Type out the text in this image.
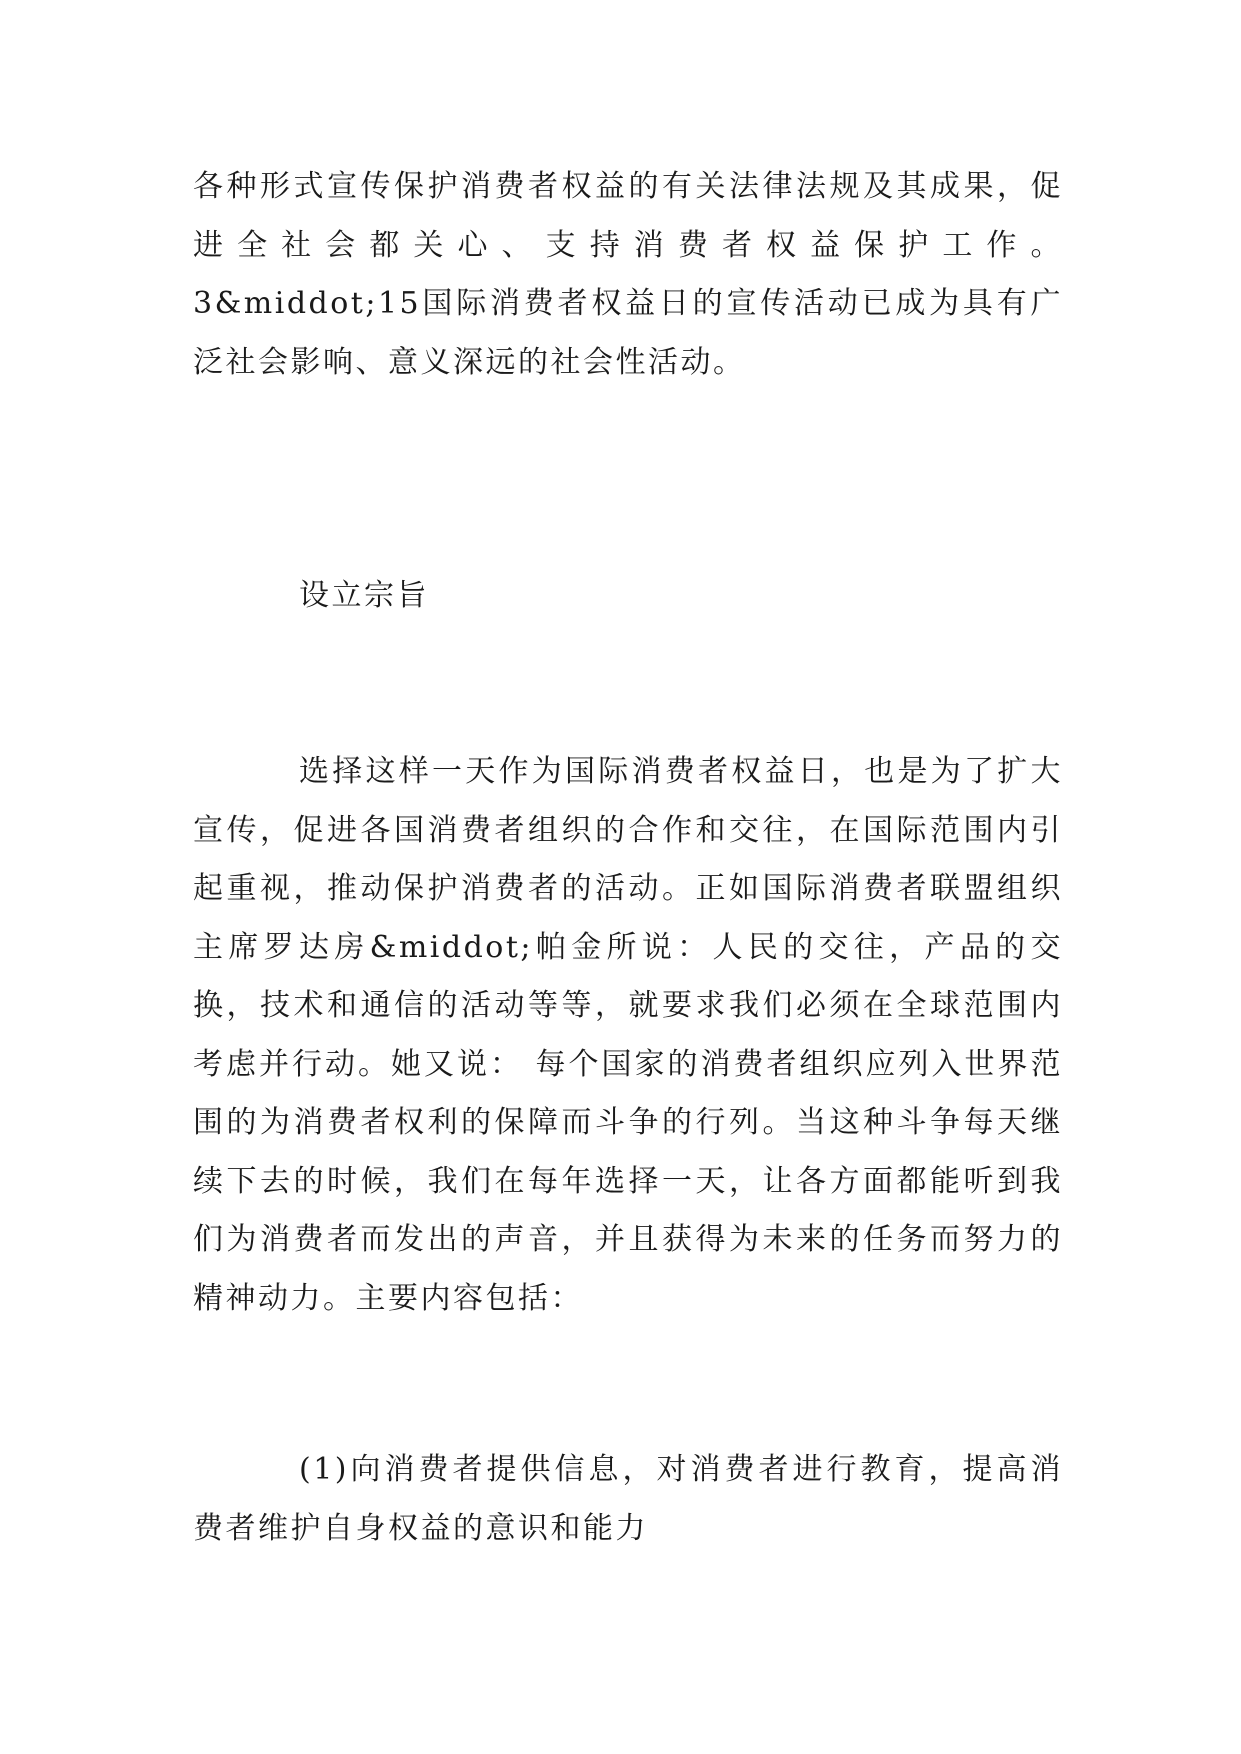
各种形式宣传保护消费者权益的有关法律法规及其成果，促进全社会都关心、支持消费者权益保护工作。3&middot;15国际消费者权益日的宣传活动已成为具有广泛社会影响、意义深远的社会性活动。

设立宗旨

选择这样一天作为国际消费者权益日，也是为了扩大宣传，促进各国消费者组织的合作和交往，在国际范围内引起重视，推动保护消费者的活动。正如国际消费者联盟组织主席罗达房&middot;帕金所说：人民的交往，产品的交换，技术和通信的活动等等，就要求我们必须在全球范围内考虑并行动。她又说： 每个国家的消费者组织应列入世界范围的为消费者权利的保障而斗争的行列。当这种斗争每天继续下去的时候，我们在每年选择一天，让各方面都能听到我们为消费者而发出的声音，并且获得为未来的任务而努力的精神动力。主要内容包括：

(1)向消费者提供信息，对消费者进行教育，提高消费者维护自身权益的意识和能力
